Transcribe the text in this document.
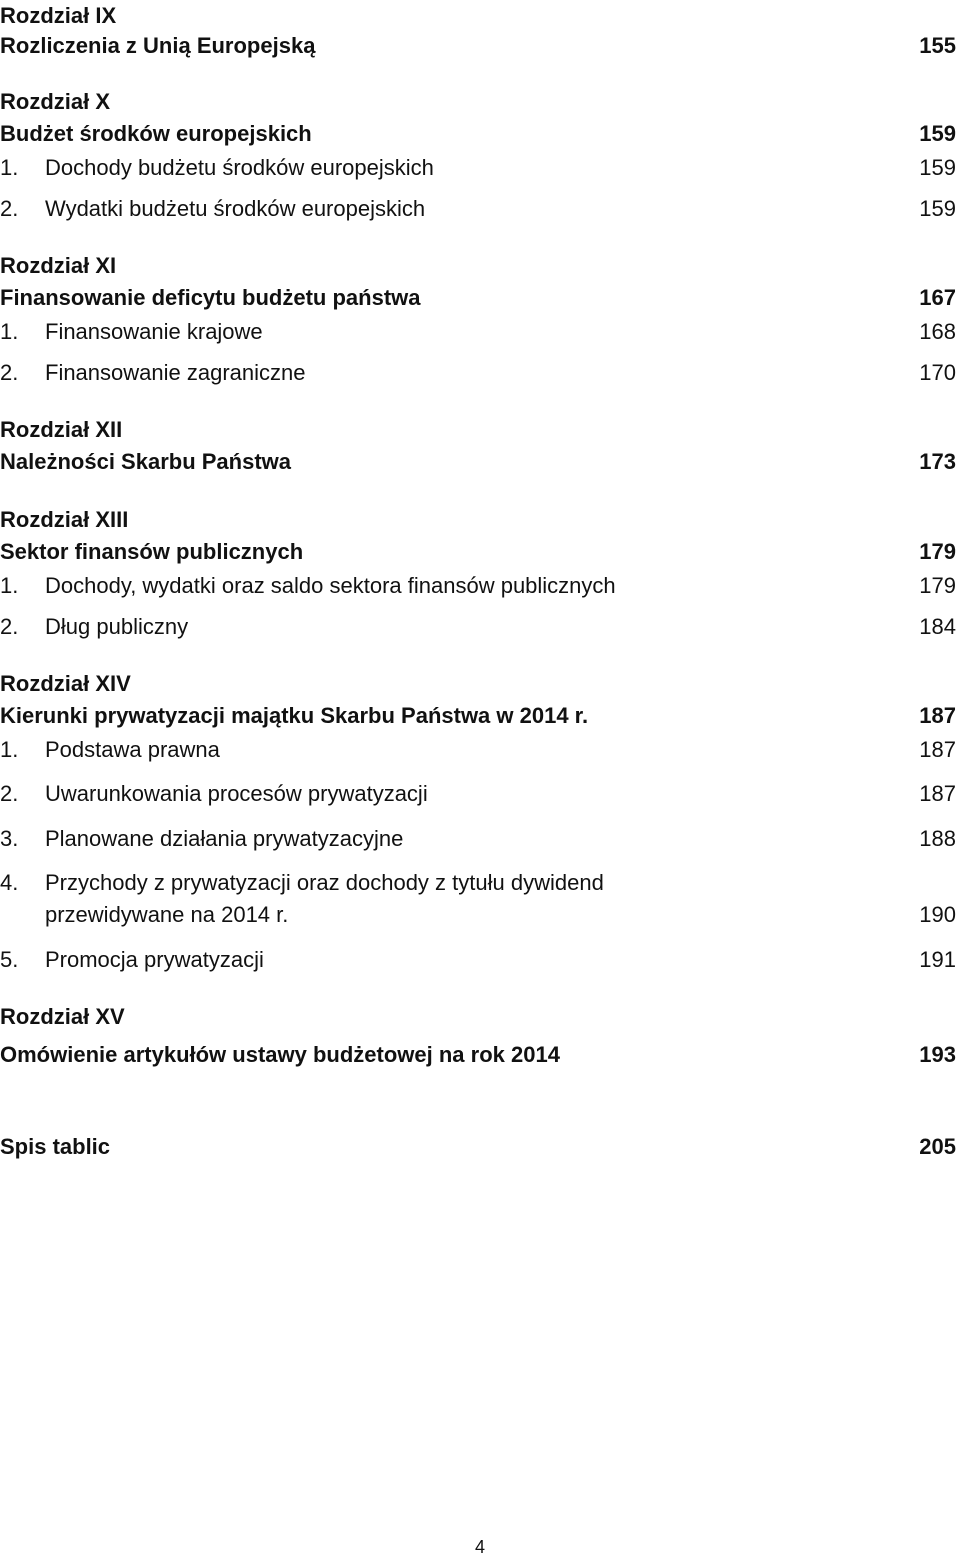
Rozdział IX
Rozliczenia z Unią Europejską	155
Rozdział X
Budżet środków europejskich	159
1. Dochody budżetu środków europejskich	159
2. Wydatki budżetu środków europejskich	159
Rozdział XI
Finansowanie deficytu budżetu państwa	167
1. Finansowanie krajowe	168
2. Finansowanie zagraniczne	170
Rozdział XII
Należności Skarbu Państwa	173
Rozdział XIII
Sektor finansów publicznych	179
1. Dochody, wydatki oraz saldo sektora finansów publicznych	179
2. Dług publiczny	184
Rozdział XIV
Kierunki prywatyzacji majątku Skarbu Państwa w 2014 r.	187
1. Podstawa prawna	187
2. Uwarunkowania procesów prywatyzacji	187
3. Planowane działania prywatyzacyjne	188
4. Przychody z prywatyzacji oraz dochody z tytułu dywidend
przewidywane na 2014 r.	190
5. Promocja prywatyzacji	191
Rozdział XV
Omówienie artykułów ustawy budżetowej na rok 2014	193
Spis tablic	205
4
